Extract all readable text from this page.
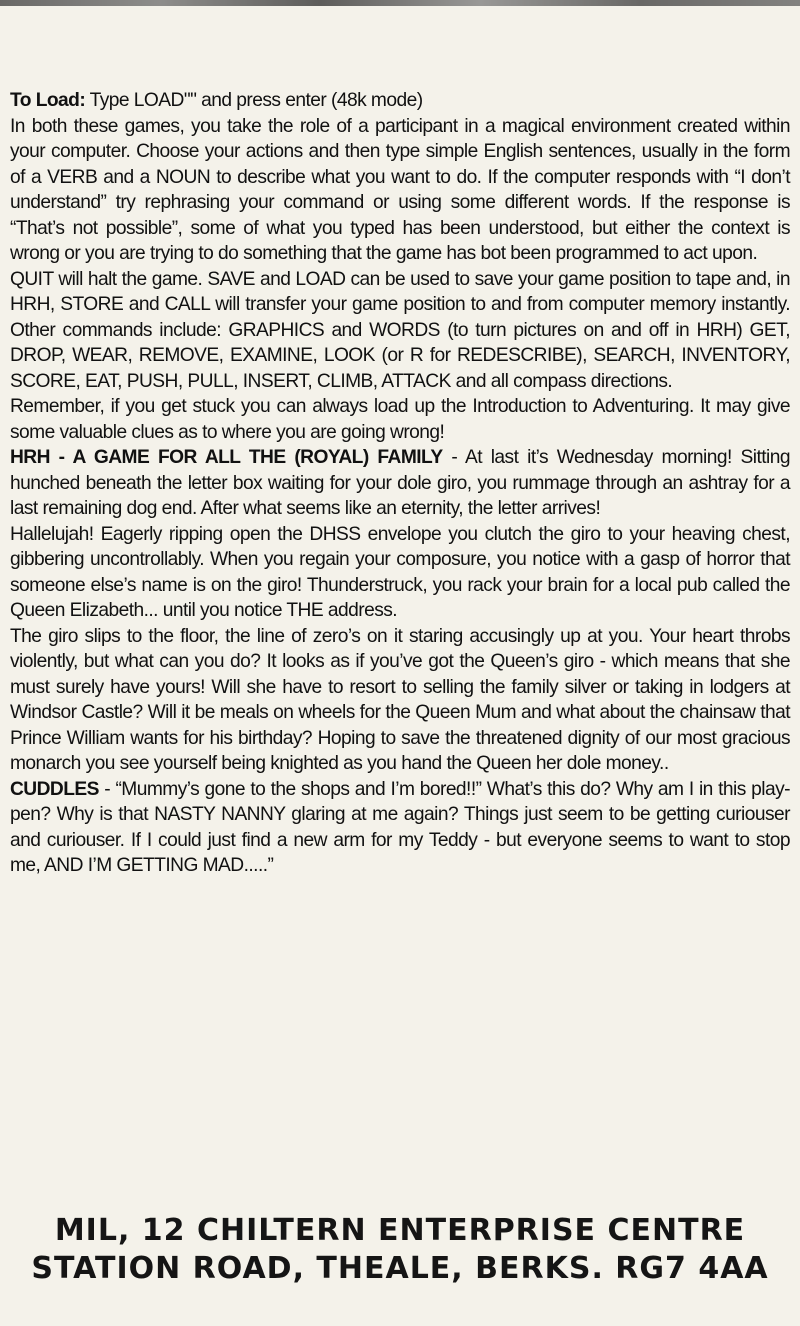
To Load: Type LOAD"" and press enter (48k mode)

In both these games, you take the role of a participant in a magical environment created within your computer. Choose your actions and then type simple English sentences, usually in the form of a VERB and a NOUN to describe what you want to do. If the computer responds with “I don’t understand” try rephrasing your command or using some different words. If the response is “That’s not possible”, some of what you typed has been understood, but either the context is wrong or you are trying to do something that the game has bot been programmed to act upon.

QUIT will halt the game. SAVE and LOAD can be used to save your game position to tape and, in HRH, STORE and CALL will transfer your game position to and from computer memory instantly. Other commands include: GRAPHICS and WORDS (to turn pictures on and off in HRH) GET, DROP, WEAR, REMOVE, EXAMINE, LOOK (or R for REDESCRIBE), SEARCH, INVENTORY, SCORE, EAT, PUSH, PULL, INSERT, CLIMB, ATTACK and all compass directions.

Remember, if you get stuck you can always load up the Introduction to Adventuring. It may give some valuable clues as to where you are going wrong!

HRH - A GAME FOR ALL THE (ROYAL) FAMILY - At last it’s Wednesday morning! Sitting hunched beneath the letter box waiting for your dole giro, you rummage through an ashtray for a last remaining dog end. After what seems like an eternity, the letter arrives!

Hallelujah! Eagerly ripping open the DHSS envelope you clutch the giro to your heaving chest, gibbering uncontrollably. When you regain your composure, you notice with a gasp of horror that someone else’s name is on the giro! Thunderstruck, you rack your brain for a local pub called the Queen Elizabeth... until you notice THE address.

The giro slips to the floor, the line of zero’s on it staring accusingly up at you. Your heart throbs violently, but what can you do? It looks as if you’ve got the Queen’s giro - which means that she must surely have yours! Will she have to resort to selling the family silver or taking in lodgers at Windsor Castle? Will it be meals on wheels for the Queen Mum and what about the chainsaw that Prince William wants for his birthday? Hoping to save the threatened dignity of our most gracious monarch you see yourself being knighted as you hand the Queen her dole money..

CUDDLES - “Mummy’s gone to the shops and I’m bored!!” What’s this do? Why am I in this play-pen? Why is that NASTY NANNY glaring at me again? Things just seem to be getting curiouser and curiouser. If I could just find a new arm for my Teddy - but everyone seems to want to stop me, AND I’M GETTING MAD.....”

MIL, 12 CHILTERN ENTERPRISE CENTRE
STATION ROAD, THEALE, BERKS. RG7 4AA
